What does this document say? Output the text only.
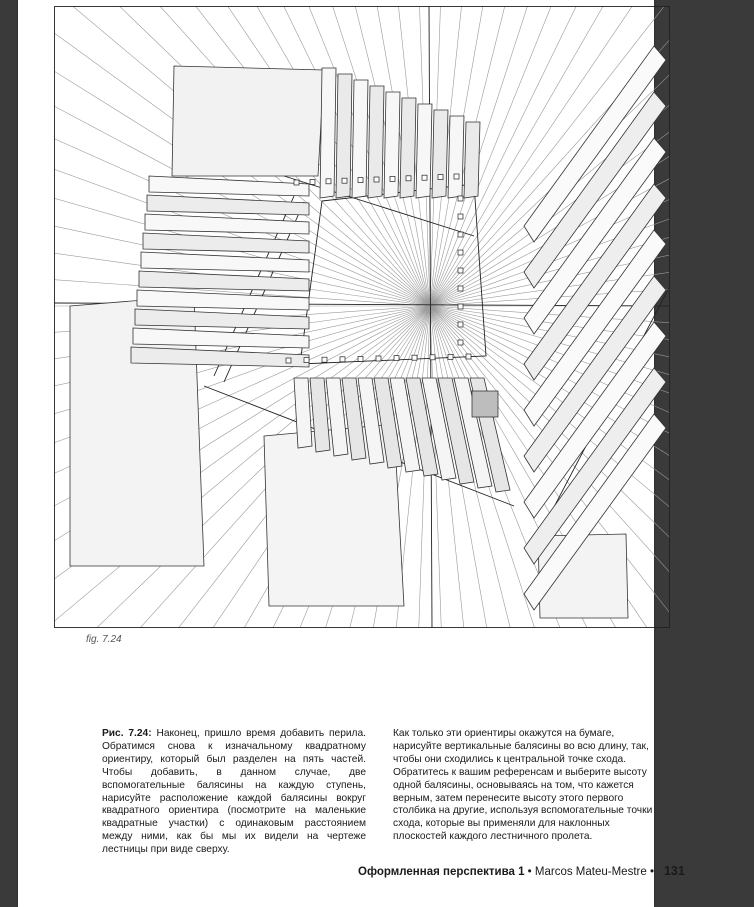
fig. 7.24
Рис. 7.24: Наконец, пришло время добавить перила. Обратимся снова к изначальному квадратному ориентиру, который был разделен на пять частей. Чтобы добавить, в данном случае, две вспомогательные балясины на каждую ступень, нарисуйте расположение каждой балясины вокруг квадратного ориентира (посмотрите на маленькие квадратные участки) с одинаковым расстоянием между ними, как бы мы их видели на чертеже лестницы при виде сверху.
Как только эти ориентиры окажутся на бумаге, нарисуйте вертикальные балясины во всю длину, так, чтобы они сходились к центральной точке схода. Обратитесь к вашим референсам и выберите высоту одной балясины, основываясь на том, что кажется верным, затем перенесите высоту этого первого столбика на другие, используя вспомогательные точки схода, которые вы применяли для наклонных плоскостей каждого лестничного пролета.
Оформленная перспектива 1 • Marcos Mateu-Mestre • 131
